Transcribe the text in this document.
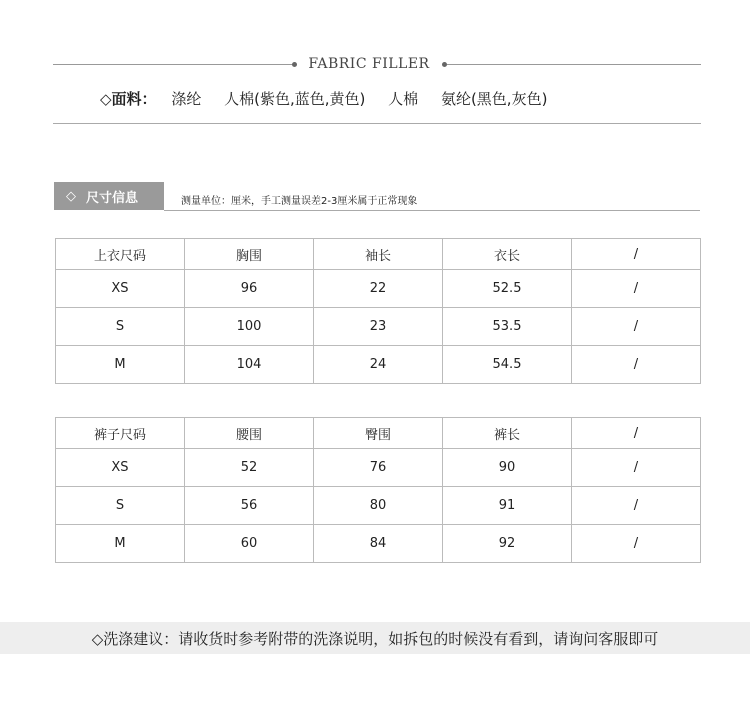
FABRIC FILLER
◇面料： 涤纶 人棉(紫色,蓝色,黄色) 人棉 氨纶(黑色,灰色)
◇ 尺寸信息	测量单位：厘米，手工测量误差2-3厘米属于正常现象
上衣尺码	胸围	袖长	衣长	/
XS	96	22	52.5	/
S	100	23	53.5	/
M	104	24	54.5	/
裤子尺码	腰围	臀围	裤长	/
XS	52	76	90	/
S	56	80	91	/
M	60	84	92	/
◇洗涤建议：请收货时参考附带的洗涤说明，如拆包的时候没有看到，请询问客服即可
